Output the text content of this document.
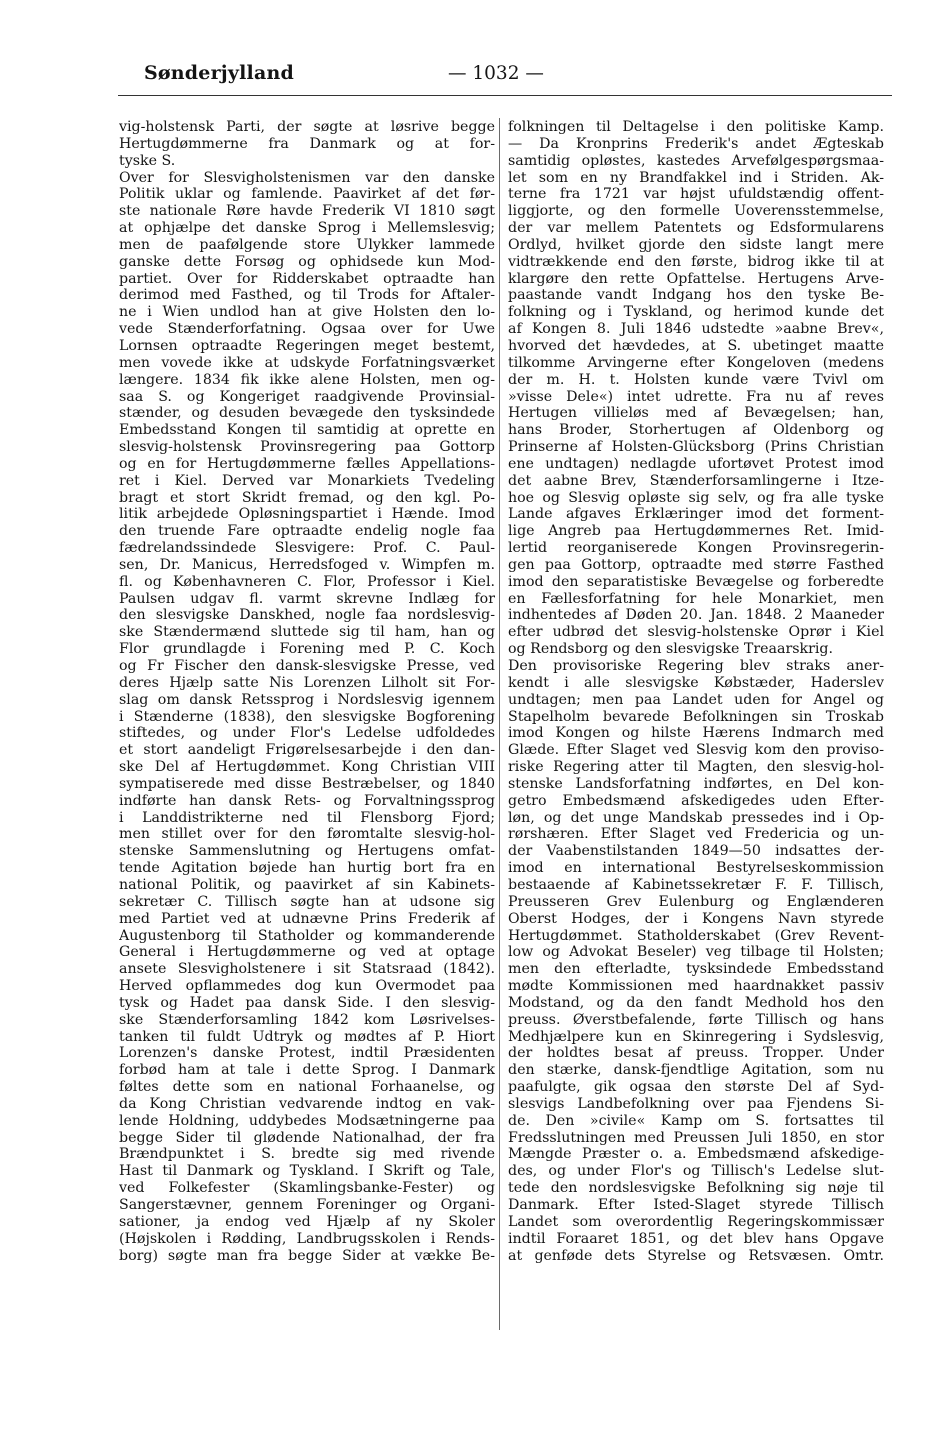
Sønderjylland	— 1032 —
vig-holstensk Parti, der søgte at løsrive begge
Hertugdømmerne fra Danmark og at for-
tyske S.
Over for Slesvigholstenismen var den danske
Politik uklar og famlende. Paavirket af det før-
ste nationale Røre havde Frederik VI 1810 søgt
at ophjælpe det danske Sprog i Mellemslesvig;
men de paafølgende store Ulykker lammede
ganske dette Forsøg og ophidsede kun Mod-
partiet. Over for Ridderskabet optraadte han
derimod med Fasthed, og til Trods for Aftaler-
ne i Wien undlod han at give Holsten den lo-
vede Stænderforfatning. Ogsaa over for Uwe
Lornsen optraadte Regeringen meget bestemt,
men vovede ikke at udskyde Forfatningsværket
længere. 1834 fik ikke alene Holsten, men og-
saa S. og Kongeriget raadgivende Provinsial-
stænder, og desuden bevægede den tysksindede
Embedsstand Kongen til samtidig at oprette en
slesvig-holstensk Provinsregering paa Gottorp
og en for Hertugdømmerne fælles Appellations-
ret i Kiel. Derved var Monarkiets Tvedeling
bragt et stort Skridt fremad, og den kgl. Po-
litik arbejdede Opløsningspartiet i Hænde. Imod
den truende Fare optraadte endelig nogle faa
fædrelandssindede Slesvigere: Prof. C. Paul-
sen, Dr. Manicus, Herredsfoged v. Wimpfen m.
fl. og Københavneren C. Flor, Professor i Kiel.
Paulsen udgav fl. varmt skrevne Indlæg for
den slesvigske Danskhed, nogle faa nordslesvig-
ske Stændermænd sluttede sig til ham, han og
Flor grundlagde i Forening med P. C. Koch
og Fr Fischer den dansk-slesvigske Presse, ved
deres Hjælp satte Nis Lorenzen Lilholt sit For-
slag om dansk Retssprog i Nordslesvig igennem
i Stænderne (1838), den slesvigske Bogforening
stiftedes, og under Flor's Ledelse udfoldedes
et stort aandeligt Frigørelsesarbejde i den dan-
ske Del af Hertugdømmet. Kong Christian VIII
sympatiserede med disse Bestræbelser, og 1840
indførte han dansk Rets- og Forvaltningssprog
i Landdistrikterne ned til Flensborg Fjord;
men stillet over for den føromtalte slesvig-hol-
stenske Sammenslutning og Hertugens omfat-
tende Agitation bøjede han hurtig bort fra en
national Politik, og paavirket af sin Kabinets-
sekretær C. Tillisch søgte han at udsone sig
med Partiet ved at udnævne Prins Frederik af
Augustenborg til Statholder og kommanderende
General i Hertugdømmerne og ved at optage
ansete Slesvigholstenere i sit Statsraad (1842).
Herved opflammedes dog kun Overmodet paa
tysk og Hadet paa dansk Side. I den slesvig-
ske Stænderforsamling 1842 kom Løsrivelses-
tanken til fuldt Udtryk og mødtes af P. Hiort
Lorenzen's danske Protest, indtil Præsidenten
forbød ham at tale i dette Sprog. I Danmark
føltes dette som en national Forhaanelse, og
da Kong Christian vedvarende indtog en vak-
lende Holdning, uddybedes Modsætningerne paa
begge Sider til glødende Nationalhad, der fra
Brændpunktet i S. bredte sig med rivende
Hast til Danmark og Tyskland. I Skrift og Tale,
ved Folkefester (Skamlingsbanke-Fester) og
Sangerstævner, gennem Foreninger og Organi-
sationer, ja endog ved Hjælp af ny Skoler
(Højskolen i Rødding, Landbrugsskolen i Rends-
borg) søgte man fra begge Sider at vække Be-
folkningen til Deltagelse i den politiske Kamp.
— Da Kronprins Frederik's andet Ægteskab
samtidig opløstes, kastedes Arvefølgespørgsmaa-
let som en ny Brandfakkel ind i Striden. Ak-
terne fra 1721 var højst ufuldstændig offent-
liggjorte, og den formelle Uoverensstemmelse,
der var mellem Patentets og Edsformularens
Ordlyd, hvilket gjorde den sidste langt mere
vidtrækkende end den første, bidrog ikke til at
klargøre den rette Opfattelse. Hertugens Arve-
paastande vandt Indgang hos den tyske Be-
folkning og i Tyskland, og herimod kunde det
af Kongen 8. Juli 1846 udstedte »aabne Brev«,
hvorved det hævdedes, at S. ubetinget maatte
tilkomme Arvingerne efter Kongeloven (medens
der m. H. t. Holsten kunde være Tvivl om
»visse Dele«) intet udrette. Fra nu af reves
Hertugen villieløs med af Bevægelsen; han,
hans Broder, Storhertugen af Oldenborg og
Prinserne af Holsten-Glücksborg (Prins Christian
ene undtagen) nedlagde ufortøvet Protest imod
det aabne Brev, Stænderforsamlingerne i Itze-
hoe og Slesvig opløste sig selv, og fra alle tyske
Lande afgaves Erklæringer imod det forment-
lige Angreb paa Hertugdømmernes Ret. Imid-
lertid reorganiserede Kongen Provinsregerin-
gen paa Gottorp, optraadte med større Fasthed
imod den separatistiske Bevægelse og forberedte
en Fællesforfatning for hele Monarkiet, men
indhentedes af Døden 20. Jan. 1848. 2 Maaneder
efter udbrød det slesvig-holstenske Oprør i Kiel
og Rendsborg og den slesvigske Treaarskrig.
Den provisoriske Regering blev straks aner-
kendt i alle slesvigske Købstæder, Haderslev
undtagen; men paa Landet uden for Angel og
Stapelholm bevarede Befolkningen sin Troskab
imod Kongen og hilste Hærens Indmarch med
Glæde. Efter Slaget ved Slesvig kom den proviso-
riske Regering atter til Magten, den slesvig-hol-
stenske Landsforfatning indførtes, en Del kon-
getro Embedsmænd afskedigedes uden Efter-
løn, og det unge Mandskab pressedes ind i Op-
rørshæren. Efter Slaget ved Fredericia og un-
der Vaabenstilstanden 1849—50 indsattes der-
imod en international Bestyrelseskommission
bestaaende af Kabinetssekretær F. F. Tillisch,
Preusseren Grev Eulenburg og Englænderen
Oberst Hodges, der i Kongens Navn styrede
Hertugdømmet. Statholderskabet (Grev Revent-
low og Advokat Beseler) veg tilbage til Holsten;
men den efterladte, tysksindede Embedsstand
mødte Kommissionen med haardnakket passiv
Modstand, og da den fandt Medhold hos den
preuss. Øverstbefalende, førte Tillisch og hans
Medhjælpere kun en Skinregering i Sydslesvig,
der holdtes besat af preuss. Tropper. Under
den stærke, dansk-fjendtlige Agitation, som nu
paafulgte, gik ogsaa den største Del af Syd-
slesvigs Landbefolkning over paa Fjendens Si-
de. Den »civile« Kamp om S. fortsattes til
Fredsslutningen med Preussen Juli 1850, en stor
Mængde Præster o. a. Embedsmænd afskedige-
des, og under Flor's og Tillisch's Ledelse slut-
tede den nordslesvigske Befolkning sig nøje til
Danmark. Efter Isted-Slaget styrede Tillisch
Landet som overordentlig Regeringskommissær
indtil Foraaret 1851, og det blev hans Opgave
at genføde dets Styrelse og Retsvæsen. Omtr.
